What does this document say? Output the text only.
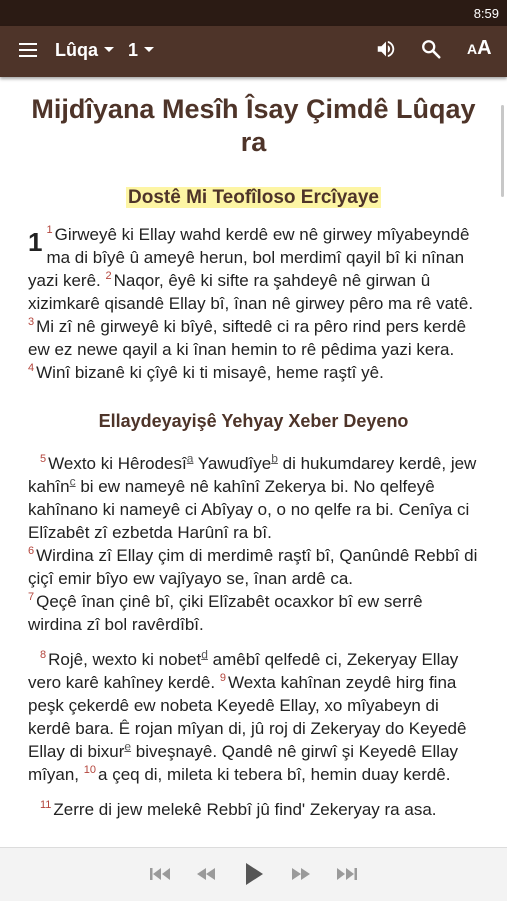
8:59
Lûqa	1	AA
Mijdîyana Mesîh Îsay Çimdê Lûqay ra
Dostê Mi Teofîloso Ercîyaye
1 $^1$ Girweyê ki Ellay wahd kerdê ew nê girwey mîyabeyndê ma di bîyê û ameyê herun, bol merdimî qayil bî ki nînan yazi kerê. $^2$ Naqor, êyê ki sifte ra şahdeyê nê girwan û xizimkarê qisandê Ellay bî, înan nê girwey pêro ma rê vatê. $^3$ Mi zî nê girweyê ki bîyê, siftedê ci ra pêro rind pers kerdê ew ez newe qayil a ki înan hemin to rê pêdima yazi kera. $^4$ Winî bizanê ki çîyê ki ti misayê, heme raştî yê.
Ellaydeyayişê Yehyay Xeber Deyeno
$^5$ Wexto ki Hêrodesî$^a$ Yawudîye$^b$ di hukumdarey kerdê, jew kahîn$^c$ bi ew nameyê nê kahînî Zekerya bi. No qelfeyê kahînano ki nameyê ci Abîyay o, o no qelfe ra bi. Cenîya ci Elîzabêt zî ezbetda Harûnî ra bî.
$^6$ Wirdina zî Ellay çim di merdimê raştî bî, Qanûndê Rebbî di çiçî emir bîyo ew vajîyayo se, înan ardê ca.
$^7$ Qeçê înan çinê bî, çiki Elîzabêt ocaxkor bî ew serrê wirdina zî bol ravêrdîbî.
$^8$ Rojê, wexto ki nobet$^d$ amêbî qelfedê ci, Zekeryay Ellay vero karê kahîney kerdê. $^9$ Wexta kahînan zeydê hirg fina peşk çekerdê ew nobeta Keyedê Ellay, xo mîyabeyn di kerdê bara. Ê rojan mîyan di, jû roj di Zekeryay do Keyedê Ellay di bixur$^e$ biveşnayê. Qandê nê girwî şi Keyedê Ellay mîyan, $^{10}$ a çeq di, mileta ki tebera bî, hemin duay kerdê.
$^{11}$ Zerre di jew melekê Rebbî jû find' Zekeryay ra asa.
